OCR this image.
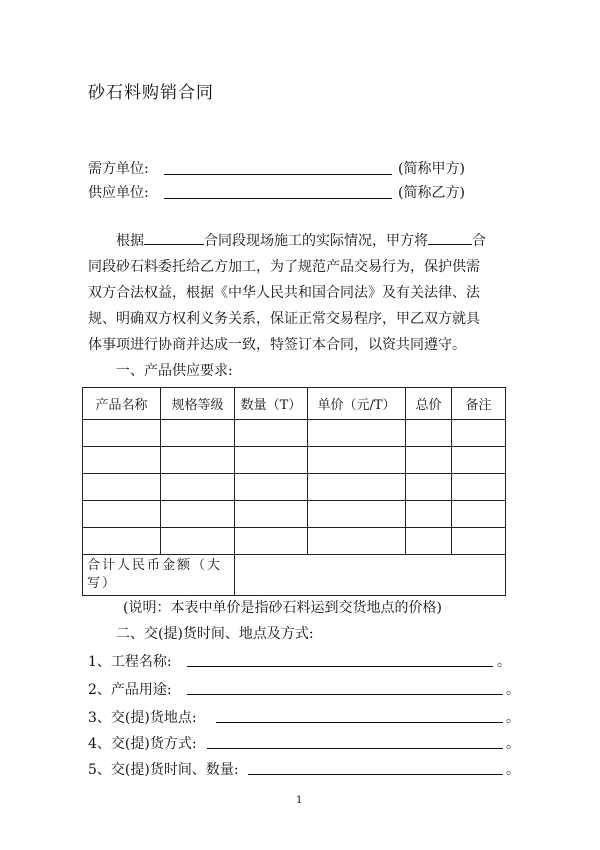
砂石料购销合同
需方单位:	(简称甲方)
供应单位:	(简称乙方)
根据	合同段现场施工的实际情况，甲方将	合
同段砂石料委托给乙方加工，为了规范产品交易行为，保护供需
双方合法权益，根据《中华人民共和国合同法》及有关法律、法
规、明确双方权利义务关系，保证正常交易程序，甲乙双方就具
体事项进行协商并达成一致，特签订本合同，以资共同遵守。
一、产品供应要求:
产品名称	规格等级	数量（T）	单价（元/T）	总价	备注

合计人民币金额（大写）					
(说明：本表中单价是指砂石料运到交货地点的价格)
二、交(提)货时间、地点及方式:
1、工程名称:	。
2、产品用途:	。
3、交(提)货地点:	。
4、交(提)货方式:	。
5、交(提)货时间、数量:	。
1
